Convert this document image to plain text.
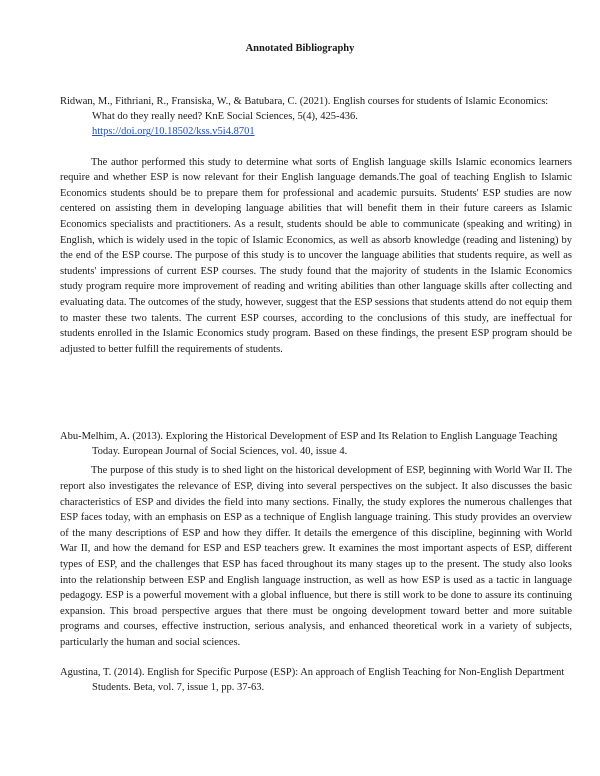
Annotated Bibliography

Ridwan, M., Fithriani, R., Fransiska, W., & Batubara, C. (2021). English courses for students of Islamic Economics: What do they really need? KnE Social Sciences, 5(4), 425-436.
https://doi.org/10.18502/kss.v5i4.8701

The author performed this study to determine what sorts of English language skills Islamic economics learners require and whether ESP is now relevant for their English language demands.The goal of teaching English to Islamic Economics students should be to prepare them for professional and academic pursuits. Students' ESP studies are now centered on assisting them in developing language abilities that will benefit them in their future careers as Islamic Economics specialists and practitioners. As a result, students should be able to communicate (speaking and writing) in English, which is widely used in the topic of Islamic Economics, as well as absorb knowledge (reading and listening) by the end of the ESP course. The purpose of this study is to uncover the language abilities that students require, as well as students' impressions of current ESP courses. The study found that the majority of students in the Islamic Economics study program require more improvement of reading and writing abilities than other language skills after collecting and evaluating data. The outcomes of the study, however, suggest that the ESP sessions that students attend do not equip them to master these two talents. The current ESP courses, according to the conclusions of this study, are ineffectual for students enrolled in the Islamic Economics study program. Based on these findings, the present ESP program should be adjusted to better fulfill the requirements of students.

Abu-Melhim, A. (2013). Exploring the Historical Development of ESP and Its Relation to English Language Teaching Today. European Journal of Social Sciences, vol. 40, issue 4.

The purpose of this study is to shed light on the historical development of ESP, beginning with World War II. The report also investigates the relevance of ESP, diving into several perspectives on the subject. It also discusses the basic characteristics of ESP and divides the field into many sections. Finally, the study explores the numerous challenges that ESP faces today, with an emphasis on ESP as a technique of English language training. This study provides an overview of the many descriptions of ESP and how they differ. It details the emergence of this discipline, beginning with World War II, and how the demand for ESP and ESP teachers grew. It examines the most important aspects of ESP, different types of ESP, and the challenges that ESP has faced throughout its many stages up to the present. The study also looks into the relationship between ESP and English language instruction, as well as how ESP is used as a tactic in language pedagogy. ESP is a powerful movement with a global influence, but there is still work to be done to assure its continuing expansion. This broad perspective argues that there must be ongoing development toward better and more suitable programs and courses, effective instruction, serious analysis, and enhanced theoretical work in a variety of subjects, particularly the human and social sciences.

Agustina, T. (2014). English for Specific Purpose (ESP): An approach of English Teaching for Non-English Department Students. Beta, vol. 7, issue 1, pp. 37-63.
